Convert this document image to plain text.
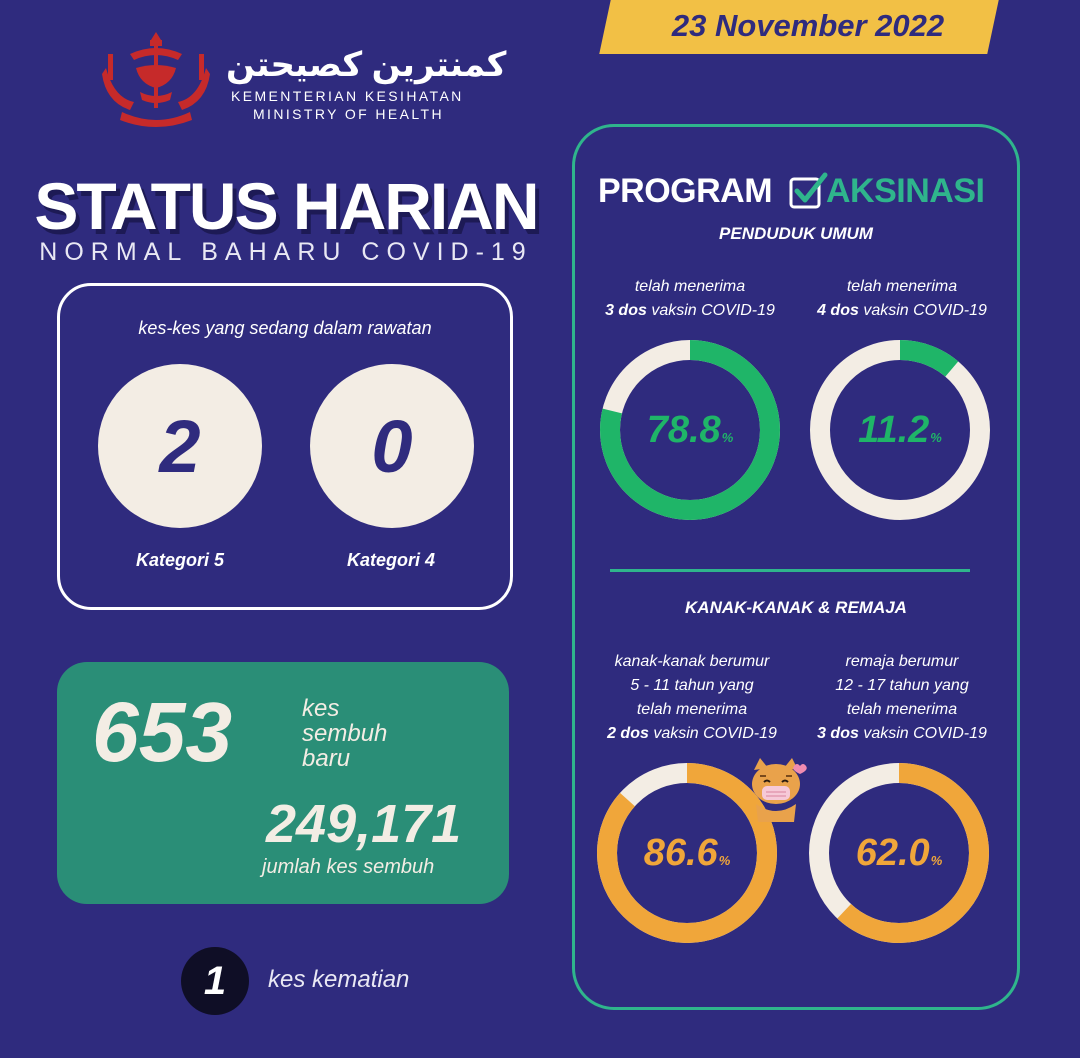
23 November 2022
كمنترين كصيحتن
KEMENTERIAN KESIHATAN
MINISTRY OF HEALTH
STATUS HARIAN
NORMAL BAHARU COVID-19
kes-kes yang sedang dalam rawatan
2	0
Kategori 5	Kategori 4
653	kes sembuh baru
249,171
jumlah kes sembuh
1	kes kematian
PROGRAM AKSINASI
PENDUDUK UMUM
telah menerima
3 dos vaksin COVID-19
telah menerima
4 dos vaksin COVID-19
78.8 %	11.2 %
KANAK-KANAK & REMAJA
kanak-kanak berumur
5 - 11 tahun yang
telah menerima
2 dos vaksin COVID-19
remaja berumur
12 - 17 tahun yang
telah menerima
3 dos vaksin COVID-19
86.6 %	62.0 %
